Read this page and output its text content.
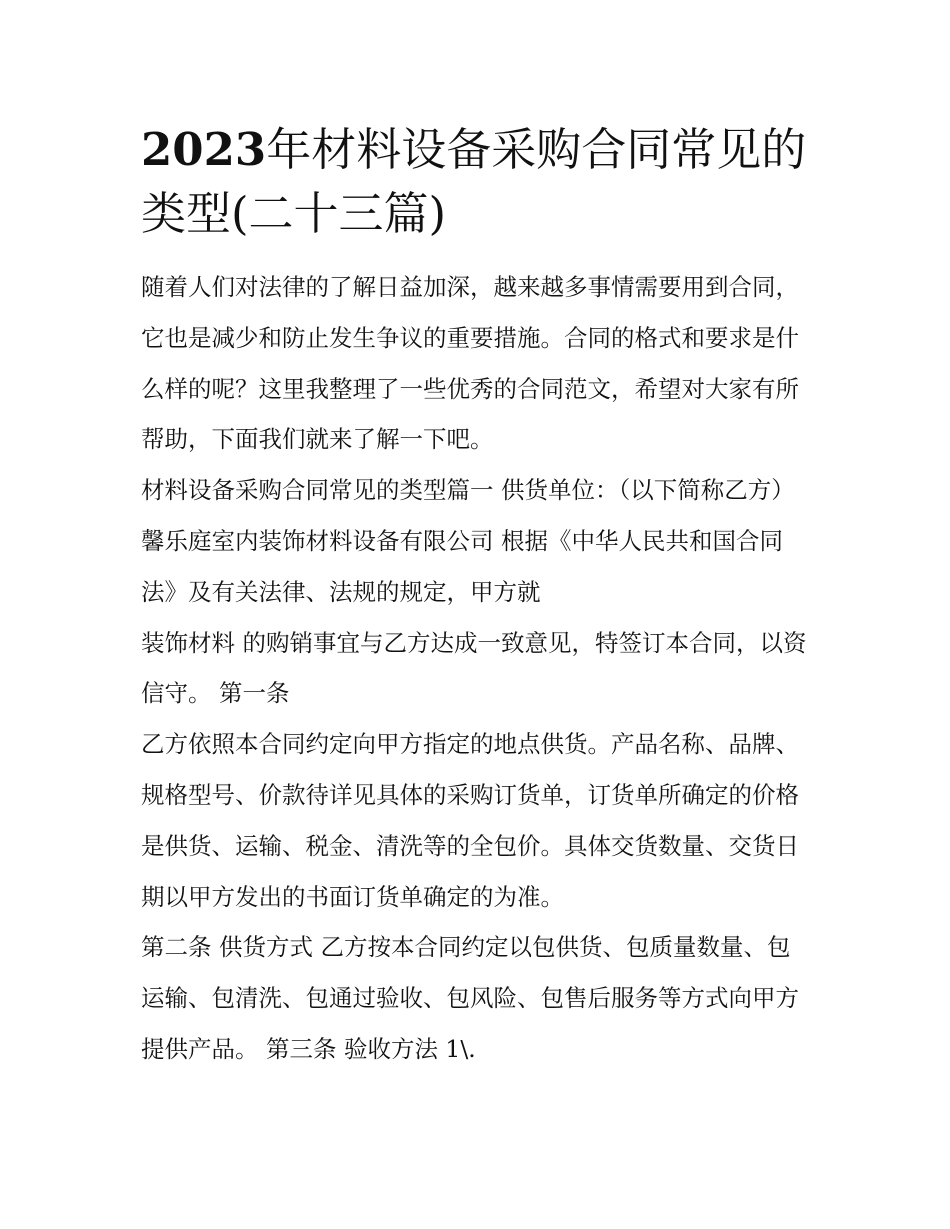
2023年材料设备采购合同常见的类型(二十三篇)

随着人们对法律的了解日益加深，越来越多事情需要用到合同，它也是减少和防止发生争议的重要措施。合同的格式和要求是什么样的呢？这里我整理了一些优秀的合同范文，希望对大家有所帮助，下面我们就来了解一下吧。

材料设备采购合同常见的类型篇一 供货单位：（以下简称乙方）馨乐庭室内装饰材料设备有限公司 根据《中华人民共和国合同法》及有关法律、法规的规定，甲方就

装饰材料 的购销事宜与乙方达成一致意见，特签订本合同，以资信守。 第一条

乙方依照本合同约定向甲方指定的地点供货。产品名称、品牌、规格型号、价款待详见具体的采购订货单，订货单所确定的价格是供货、运输、税金、清洗等的全包价。具体交货数量、交货日期以甲方发出的书面订货单确定的为准。

第二条 供货方式 乙方按本合同约定以包供货、包质量数量、包运输、包清洗、包通过验收、包风险、包售后服务等方式向甲方提供产品。 第三条 验收方法 1\.
